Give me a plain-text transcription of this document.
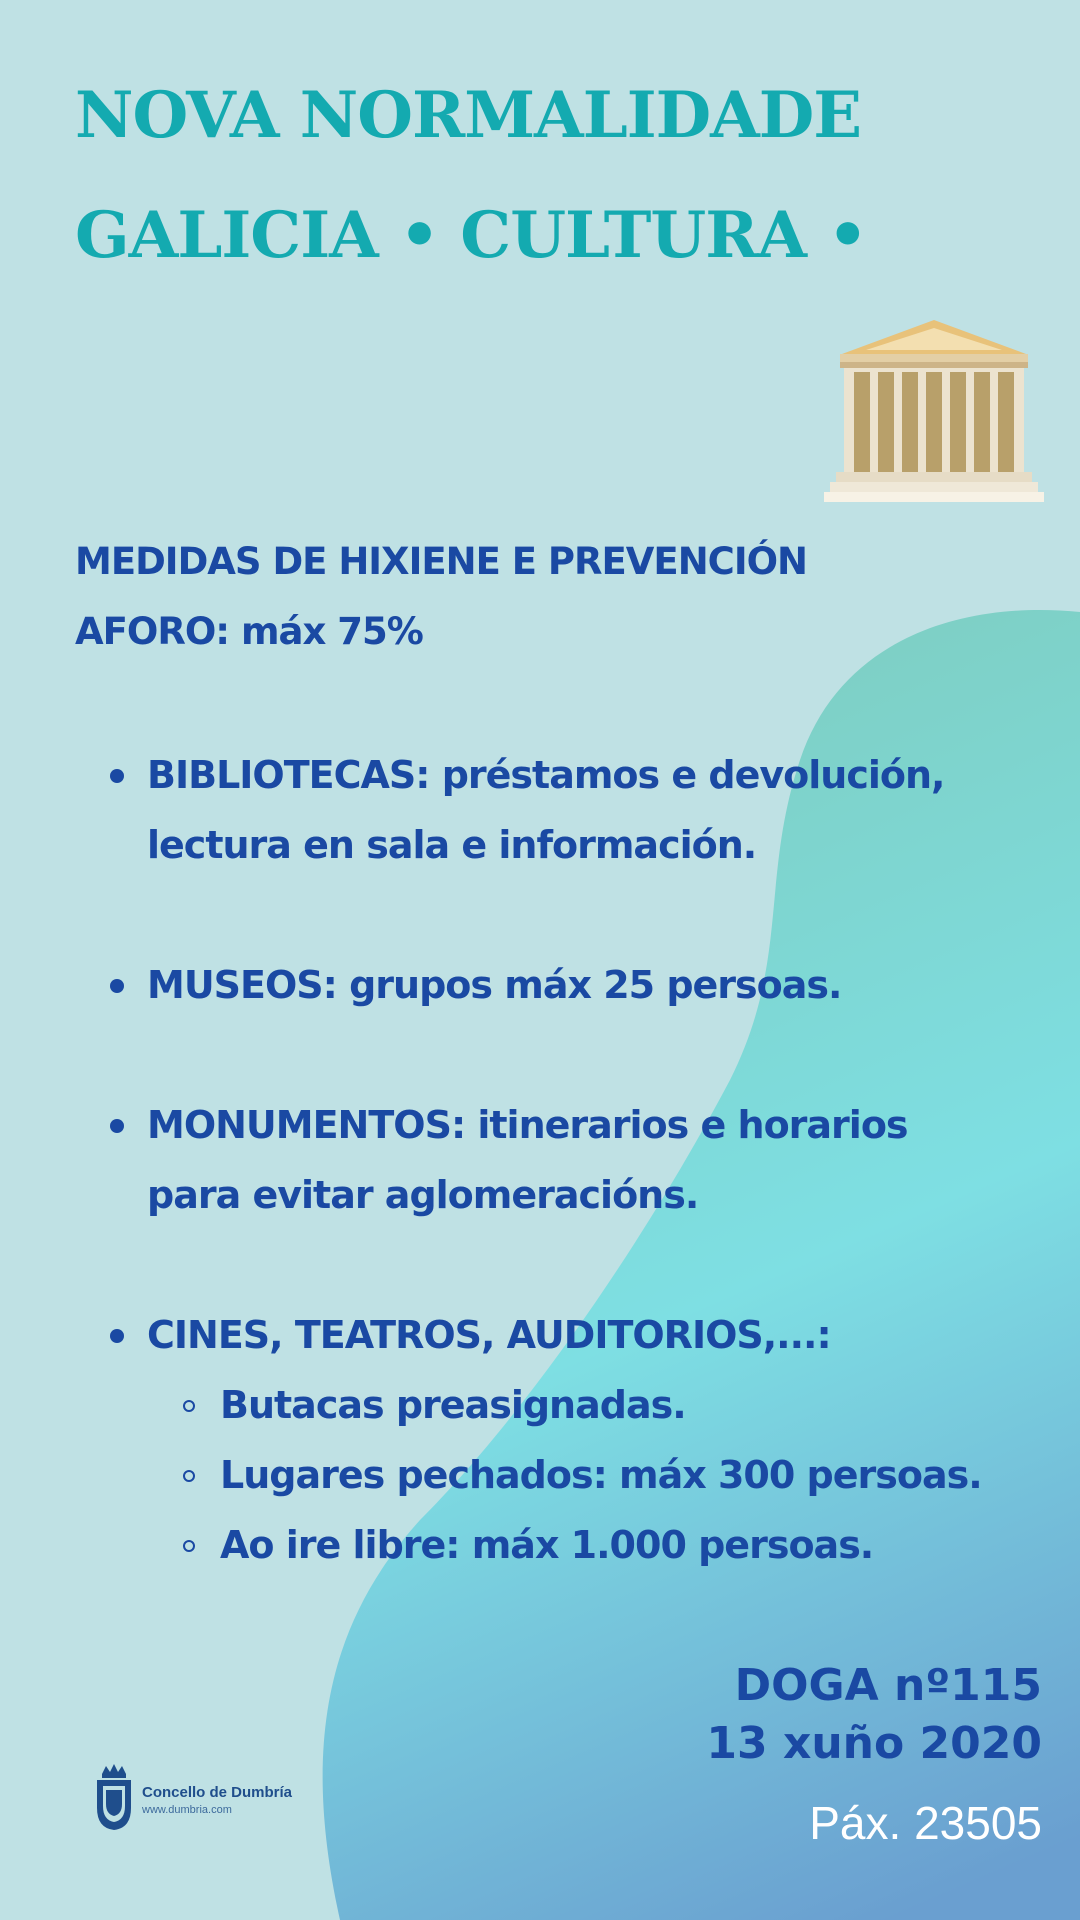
NOVA NORMALIDADE
GALICIA • CULTURA •

MEDIDAS DE HIXIENE E PREVENCIÓN

AFORO: máx 75%

BIBLIOTECAS: préstamos e devolución, lectura en sala e información.
MUSEOS: grupos máx 25 persoas.
MONUMENTOS: itinerarios e horarios para evitar aglomeracións.
CINES, TEATROS, AUDITORIOS,...:
Butacas preasignadas.
Lugares pechados: máx 300 persoas.
Ao ire libre: máx 1.000 persoas.
DOGA nº115
13 xuño 2020
Páx. 23505
Concello de Dumbría
www.dumbria.com
